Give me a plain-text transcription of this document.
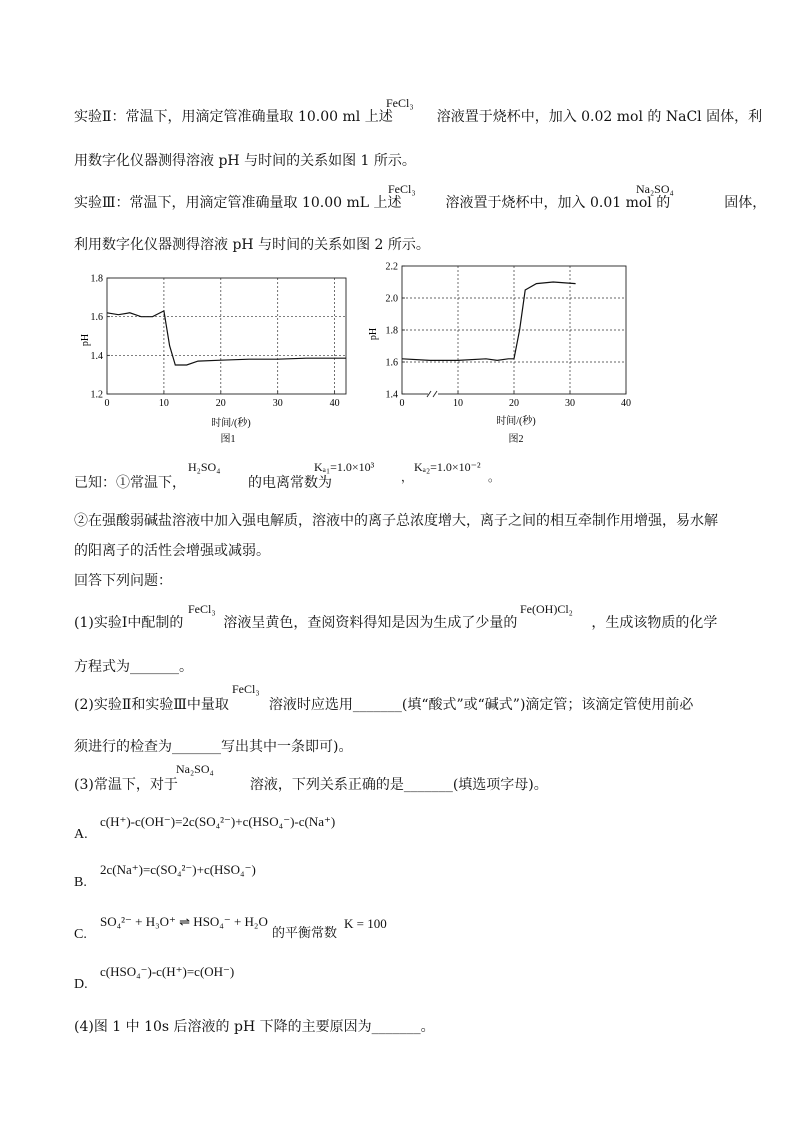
实验Ⅱ：常温下，用滴定管准确量取 10.00 ml 上述	溶液置于烧杯中，加入 0.02 mol 的 NaCl 固体，利
FeCl₃
用数字化仪器测得溶液 pH 与时间的关系如图 1 所示。
实验Ⅲ：常温下，用滴定管准确量取 10.00 mL 上述	溶液置于烧杯中，加入 0.01 mol 的	固体，
FeCl₃	Na₂SO₄
利用数字化仪器测得溶液 pH 与时间的关系如图 2 所示。
0	10	20	30	40
1.2
1.4
1.6
1.8
pH
时间/(秒)
图1
0	10	20	30	40
1.4
1.6
1.8
2.0
2.2
pH
时间/(秒)
图2
已知：①常温下，	的电离常数为
H₂SO₄	Kₐ₁=1.0×10³
，
Kₐ₂=1.0×10⁻²
。
②在强酸弱碱盐溶液中加入强电解质，溶液中的离子总浓度增大，离子之间的相互牵制作用增强，易水解
的阳离子的活性会增强或减弱。
回答下列问题：
(1)实验Ⅰ中配制的	溶液呈黄色，查阅资料得知是因为生成了少量的	，生成该物质的化学
FeCl₃	Fe(OH)Cl₂
方程式为_______。
(2)实验Ⅱ和实验Ⅲ中量取	溶液时应选用_______(填“酸式”或“碱式”)滴定管；该滴定管使用前必
FeCl₃
须进行的检查为_______写出其中一条即可)。
(3)常温下，对于	溶液，下列关系正确的是_______(填选项字母)。
Na₂SO₄
A.
c(H⁺)-c(OH⁻)=2c(SO₄²⁻)+c(HSO₄⁻)-c(Na⁺)
B.
2c(Na⁺)=c(SO₄²⁻)+c(HSO₄⁻)
C.
SO₄²⁻ + H₃O⁺ ⇌ HSO₄⁻ + H₂O
的平衡常数
K = 100
D.
c(HSO₄⁻)-c(H⁺)=c(OH⁻)
(4)图 1 中 10s 后溶液的 pH 下降的主要原因为_______。
